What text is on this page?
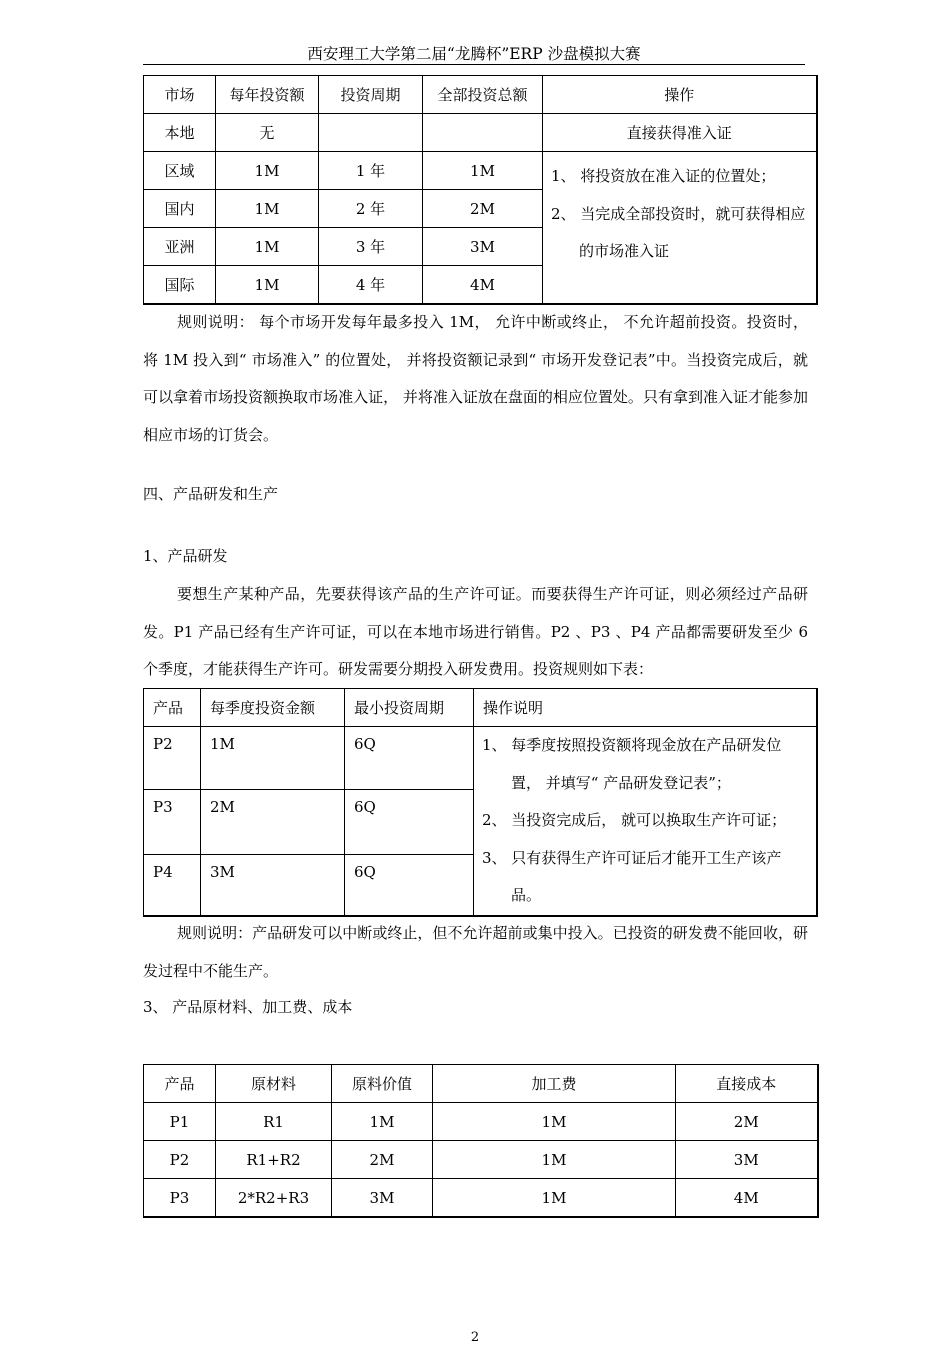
西安理工大学第二届“龙腾杯”ERP 沙盘模拟大赛
市场	每年投资额	投资周期	全部投资总额	操作
本地	无			直接获得准入证
区域	1M	1 年	1M	1、 将投资放在准入证的位置处；

2、 当完成全部投资时，就可获得相应的市场准入证

国内	1M	2 年	2M	
亚洲	1M	3 年	3M	
国际	1M	4 年	4M	
规则说明： 每个市场开发每年最多投入 1M， 允许中断或终止， 不允许超前投资。投资时， 将 1M 投入到“ 市场准入” 的位置处， 并将投资额记录到“ 市场开发登记表”中。当投资完成后，就可以拿着市场投资额换取市场准入证， 并将准入证放在盘面的相应位置处。只有拿到准入证才能参加相应市场的订货会。
四、产品研发和生产
1、产品研发
要想生产某种产品，先要获得该产品的生产许可证。而要获得生产许可证，则必须经过产品研发。P1 产品已经有生产许可证，可以在本地市场进行销售。P2 、P3 、P4 产品都需要研发至少 6 个季度，才能获得生产许可。研发需要分期投入研发费用。投资规则如下表：
产品	每季度投资金额	最小投资周期	操作说明
P2	1M	6Q	1、 每季度按照投资额将现金放在产品研发位置， 并填写“ 产品研发登记表”；

2、 当投资完成后， 就可以换取生产许可证；

3、 只有获得生产许可证后才能开工生产该产品。

P3	2M	6Q	
P4	3M	6Q	
规则说明：产品研发可以中断或终止，但不允许超前或集中投入。已投资的研发费不能回收，研发过程中不能生产。
3、 产品原材料、加工费、成本
产品	原材料	原料价值	加工费	直接成本
P1	R1	1M	1M	2M
P2	R1+R2	2M	1M	3M
P3	2*R2+R3	3M	1M	4M
2
